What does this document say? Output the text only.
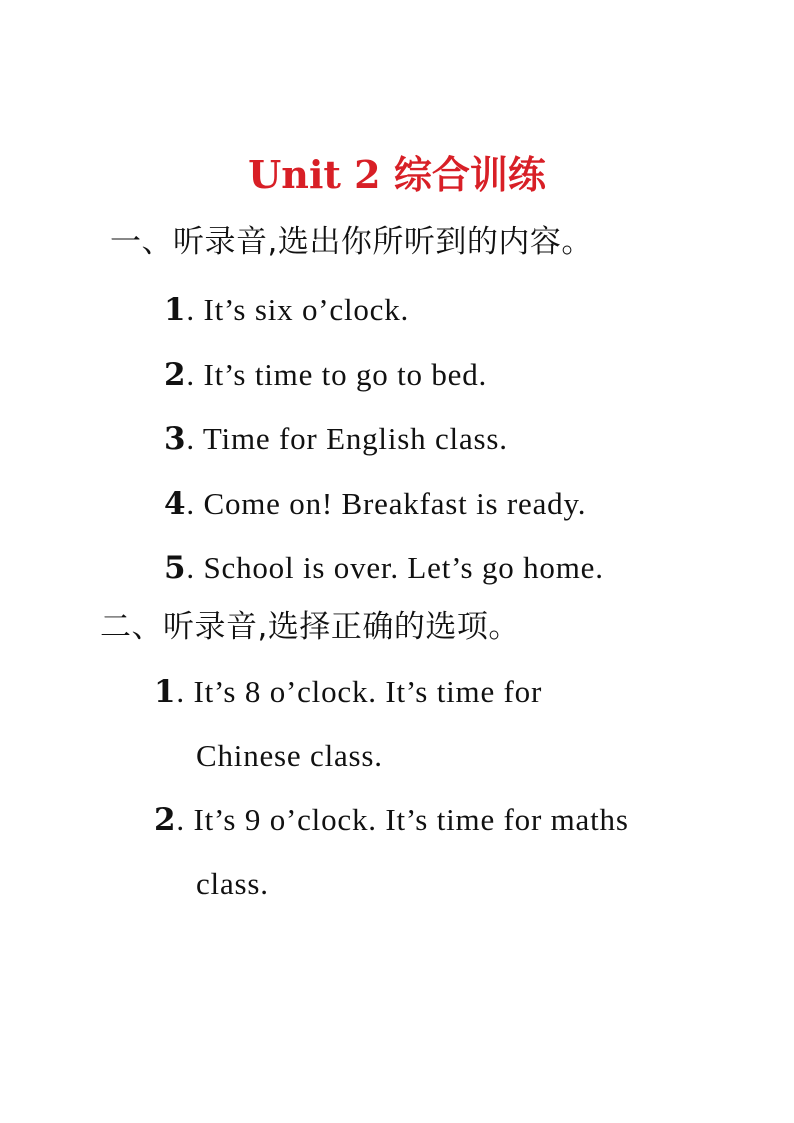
Unit 2 综合训练
一、听录音,选出你所听到的内容。
1. It’s six o’clock.
2. It’s time to go to bed.
3. Time for English class.
4. Come on! Breakfast is ready.
5. School is over. Let’s go home.
二、听录音,选择正确的选项。
1. It’s 8 o’clock. It’s time for
Chinese class.
2. It’s 9 o’clock. It’s time for maths
class.
